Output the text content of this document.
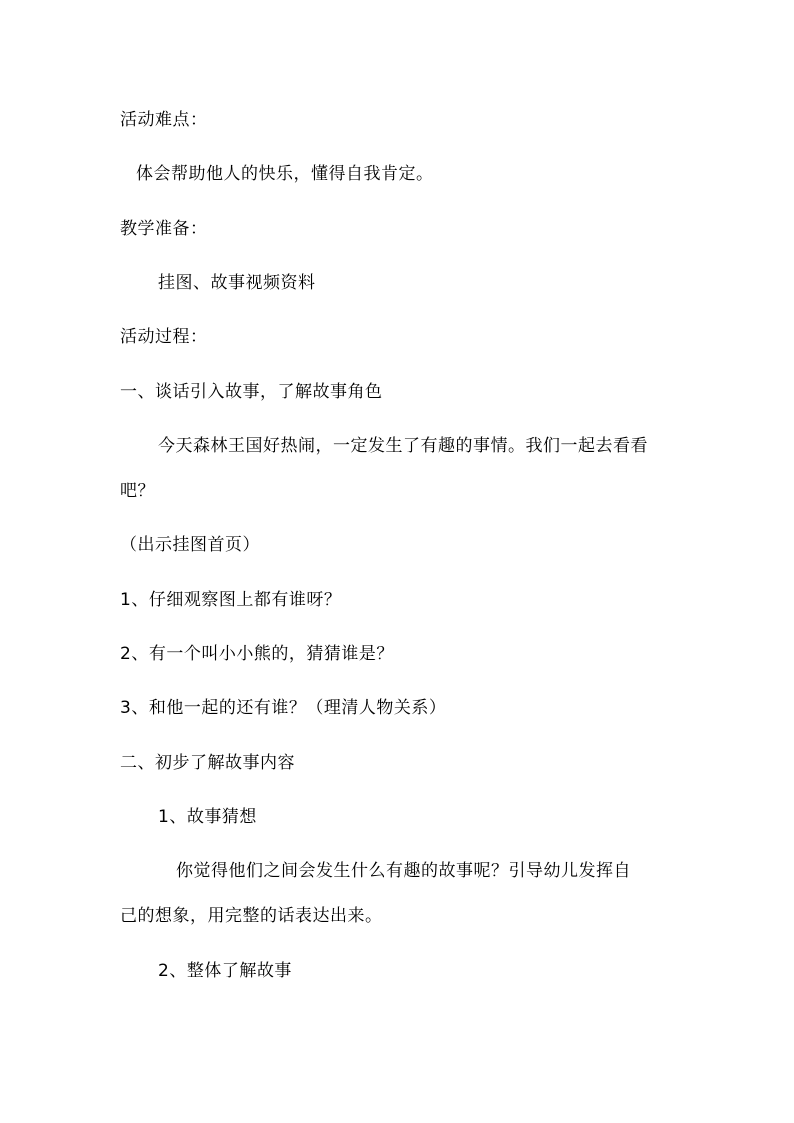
活动难点：
体会帮助他人的快乐，懂得自我肯定。
教学准备：
挂图、故事视频资料
活动过程：
一、谈话引入故事，了解故事角色
今天森林王国好热闹，一定发生了有趣的事情。我们一起去看看
吧？
（出示挂图首页）
1、仔细观察图上都有谁呀？
2、有一个叫小小熊的，猜猜谁是？
3、和他一起的还有谁？（理清人物关系）
二、初步了解故事内容
1、故事猜想
你觉得他们之间会发生什么有趣的故事呢？引导幼儿发挥自
己的想象，用完整的话表达出来。
2、整体了解故事
